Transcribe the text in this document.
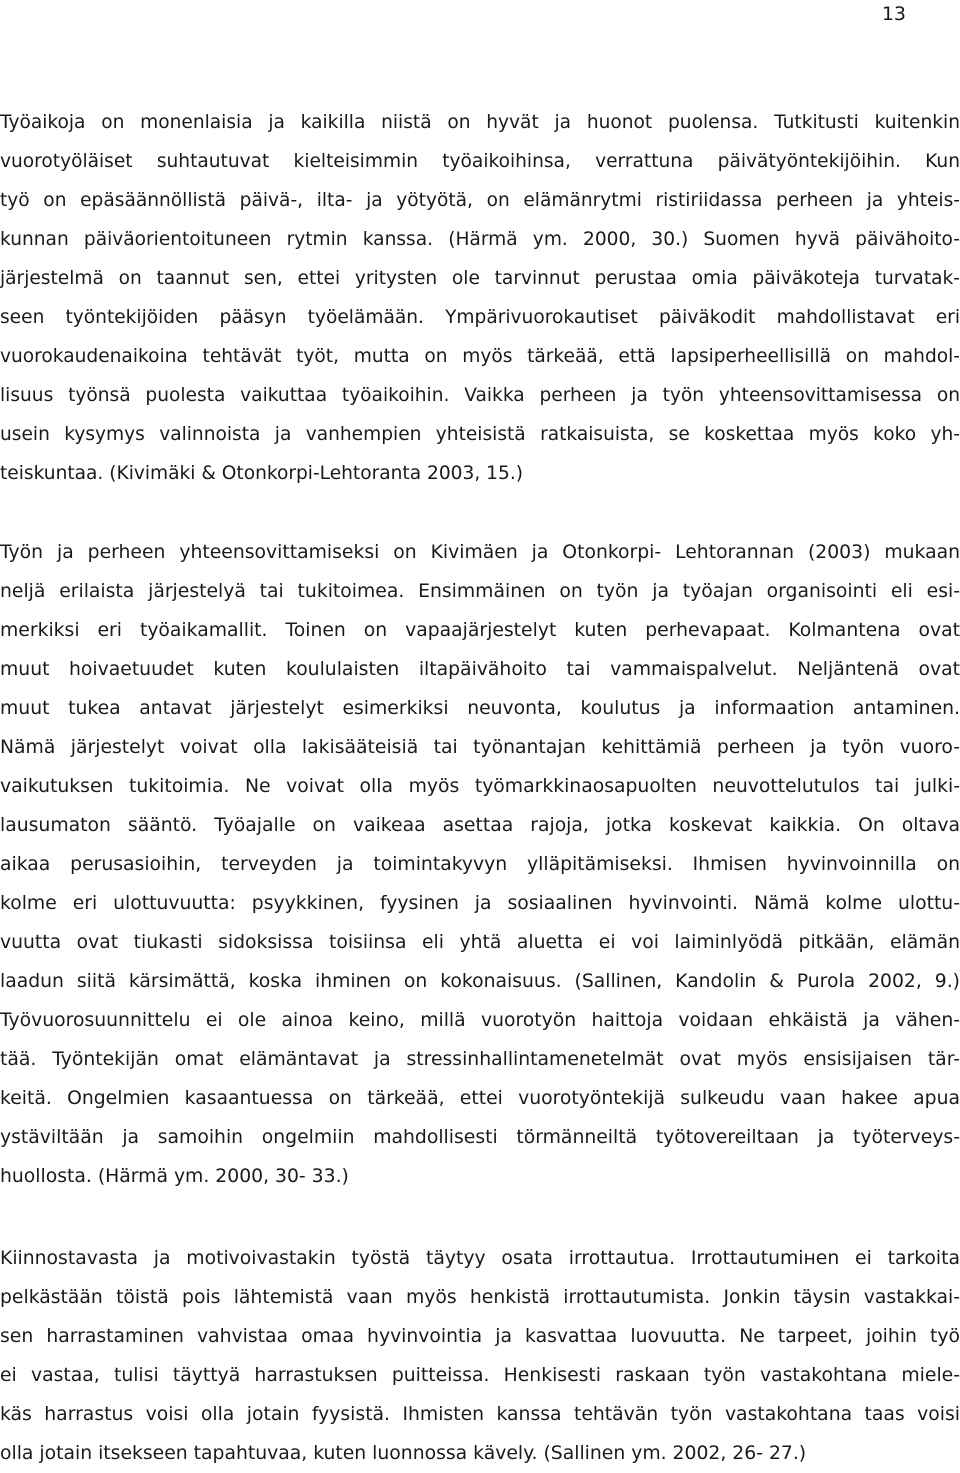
13
Työaikoja on monenlaisia ja kaikilla niistä on hyvät ja huonot puolensa. Tutkitusti kuitenkin
vuorotyöläiset suhtautuvat kielteisimmin työaikoihinsa, verrattuna päivätyöntekijöihin. Kun
työ on epäsäännöllistä päivä-, ilta- ja yötyötä, on elämänrytmi ristiriidassa perheen ja yhteis-
kunnan päiväorientoituneen rytmin kanssa. (Härmä ym. 2000, 30.) Suomen hyvä päivähoito-
järjestelmä on taannut sen, ettei yritysten ole tarvinnut perustaa omia päiväkoteja turvatak-
seen työntekijöiden pääsyn työelämään. Ympärivuorokautiset päiväkodit mahdollistavat eri
vuorokaudenaikoina tehtävät työt, mutta on myös tärkeää, että lapsiperheellisillä on mahdol-
lisuus työnsä puolesta vaikuttaa työaikoihin. Vaikka perheen ja työn yhteensovittamisessa on
usein kysymys valinnoista ja vanhempien yhteisistä ratkaisuista, se koskettaa myös koko yh-
teiskuntaa. (Kivimäki & Otonkorpi-Lehtoranta 2003, 15.)
Työn ja perheen yhteensovittamiseksi on Kivimäen ja Otonkorpi- Lehtorannan (2003) mukaan
neljä erilaista järjestelyä tai tukitoimea. Ensimmäinen on työn ja työajan organisointi eli esi-
merkiksi eri työaikamallit. Toinen on vapaajärjestelyt kuten perhevapaat. Kolmantena ovat
muut hoivaetuudet kuten koululaisten iltapäivähoito tai vammaispalvelut. Neljäntenä ovat
muut tukea antavat järjestelyt esimerkiksi neuvonta, koulutus ja informaation antaminen.
Nämä järjestelyt voivat olla lakisääteisiä tai työnantajan kehittämiä perheen ja työn vuoro-
vaikutuksen tukitoimia. Ne voivat olla myös työmarkkinaosapuolten neuvottelutulos tai julki-
lausumaton sääntö. Työajalle on vaikeaa asettaa rajoja, jotka koskevat kaikkia. On oltava
aikaa perusasioihin, terveyden ja toimintakyvyn ylläpitämiseksi. Ihmisen hyvinvoinnilla on
kolme eri ulottuvuutta: psyykkinen, fyysinen ja sosiaalinen hyvinvointi. Nämä kolme ulottu-
vuutta ovat tiukasti sidoksissa toisiinsa eli yhtä aluetta ei voi laiminlyödä pitkään, elämän
laadun siitä kärsimättä, koska ihminen on kokonaisuus. (Sallinen, Kandolin & Purola 2002, 9.)
Työvuorosuunnittelu ei ole ainoa keino, millä vuorotyön haittoja voidaan ehkäistä ja vähen-
tää. Työntekijän omat elämäntavat ja stressinhallintamenetelmät ovat myös ensisijaisen tär-
keitä. Ongelmien kasaantuessa on tärkeää, ettei vuorotyöntekijä sulkeudu vaan hakee apua
ystäviltään ja samoihin ongelmiin mahdollisesti törmänneiltä työtovereiltaan ja työterveys-
huollosta. (Härmä ym. 2000, 30- 33.)
Kiinnostavasta ja motivoivastakin työstä täytyy osata irrottautua. Irrottautumінen ei tarkoita
pelkästään töistä pois lähtemistä vaan myös henkistä irrottautumista. Jonkin täysin vastakkai-
sen harrastaminen vahvistaa omaa hyvinvointia ja kasvattaa luovuutta. Ne tarpeet, joihin työ
ei vastaa, tulisi täyttyä harrastuksen puitteissa. Henkisesti raskaan työn vastakohtana miele-
käs harrastus voisi olla jotain fyysistä. Ihmisten kanssa tehtävän työn vastakohtana taas voisi
olla jotain itsekseen tapahtuvaa, kuten luonnossa kävely. (Sallinen ym. 2002, 26- 27.)
